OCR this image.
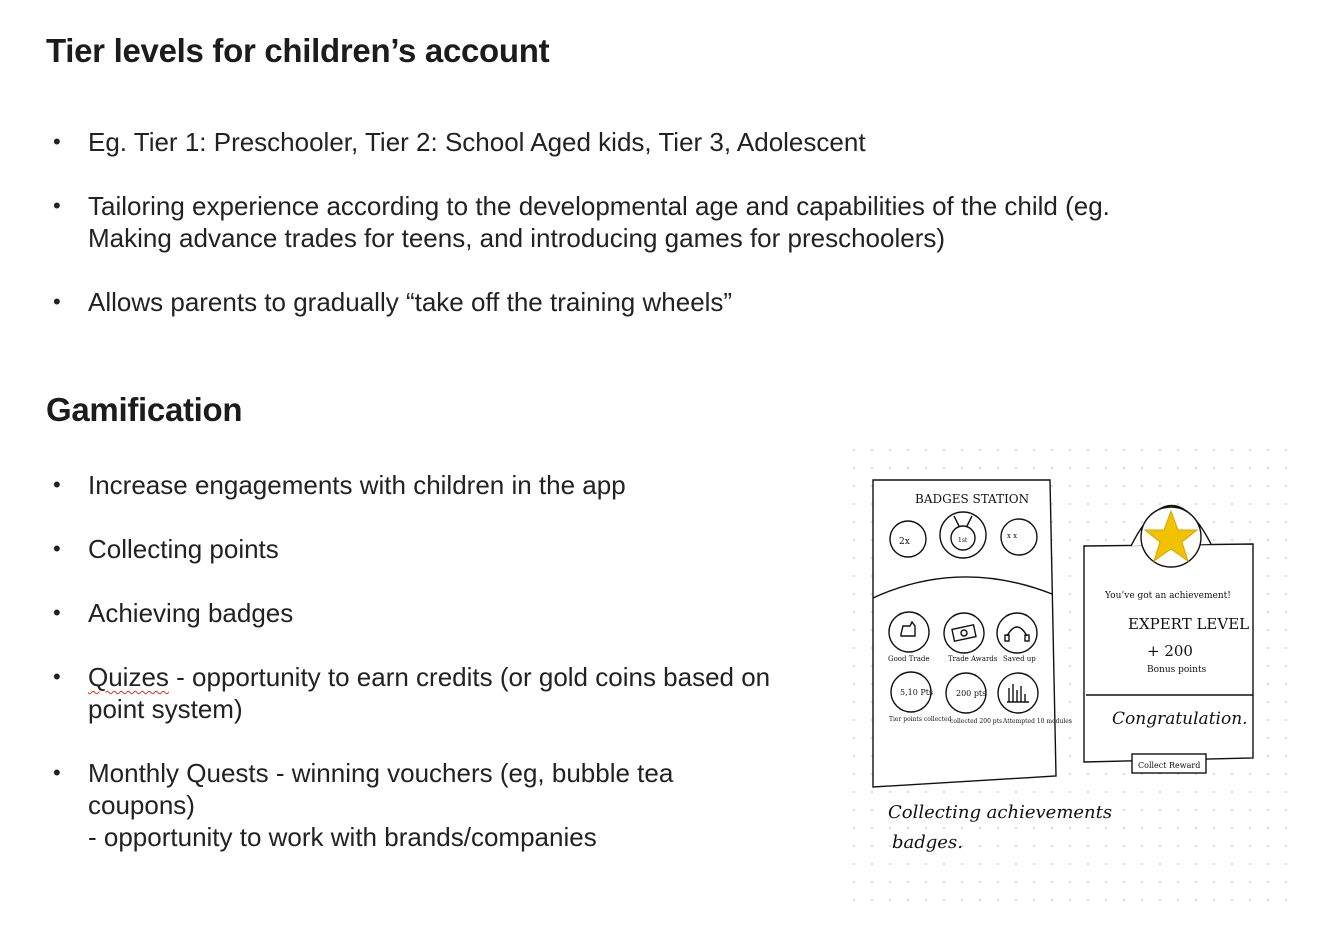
Tier levels for children’s account
• Eg. Tier 1: Preschooler, Tier 2: School Aged kids, Tier 3, Adolescent
• Tailoring experience according to the developmental age and capabilities of the child (eg. Making advance trades for teens, and introducing games for preschoolers)
• Allows parents to gradually “take off the training wheels”
Gamification
• Increase engagements with children in the app
• Collecting points
• Achieving badges
• Quizes - opportunity to earn credits (or gold coins based on point system)
• Monthly Quests - winning vouchers (eg, bubble tea coupons)
- opportunity to work with brands/companies
BADGES STATION
2x	1st
x x
Good Trade	Trade Awards Saved up
5,10 Pts	200 pts
Tier points collected
collected 200 pts Attempted 10 modules
You’ve got an achievement!
EXPERT LEVEL
+ 200
Bonus points
Congratulation.
Collect Reward
Collecting achievements
badges.
